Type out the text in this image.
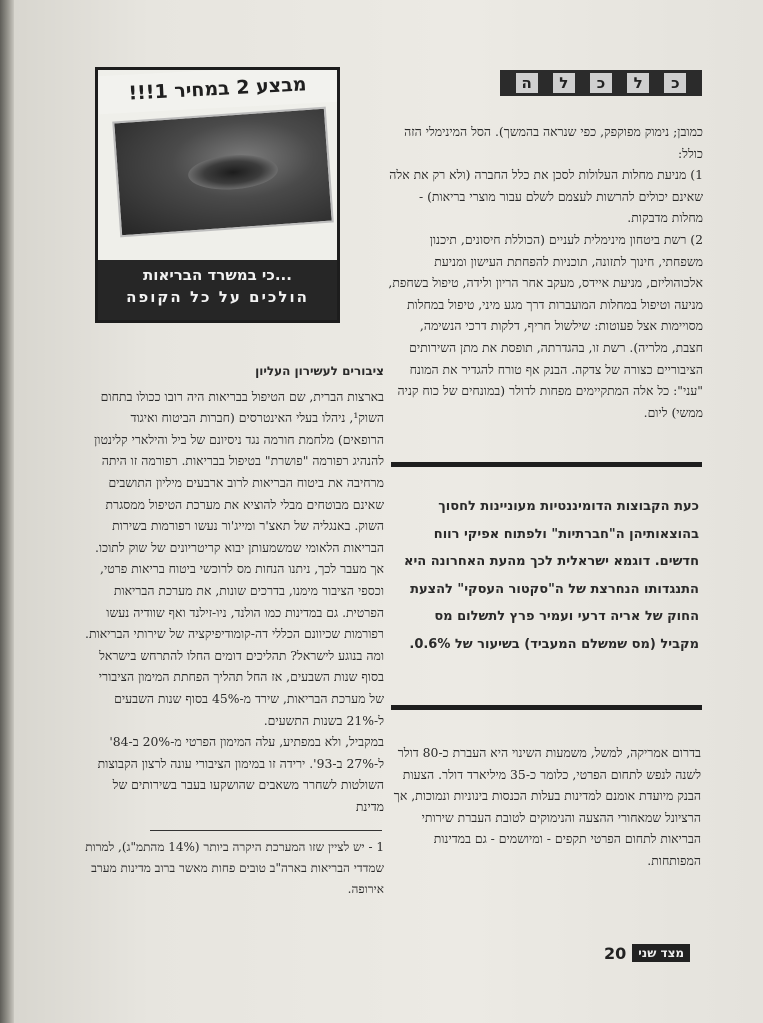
כ
ל
כ
ל
ה
מבצע 2 במחיר 1!!!
...כי במשרד הבריאות
הולכים על כל הקופה

כמובן; נימוק מפוקפק, כפי שנראה בהמשך). הסל המינימלי הזה כולל:

1) מניעת מחלות העלולות לסכן את כלל החברה (ולא רק את אלה שאינם יכולים להרשות לעצמם לשלם עבור מוצרי בריאות) - מחלות מדבקות.

2) רשת ביטחון מינימלית לעניים (הכוללת חיסונים, תיכנון משפחתי, חינוך לתזונה, תוכניות להפחתת העישון ומניעת אלכוהוליזם, מניעת איידס, מעקב אחר הריון ולידה, טיפול בשחפת, מניעה וטיפול במחלות המועברות דרך מגע מיני, טיפול במחלות מסויימות אצל פעוטות: שילשול חריף, דלקות דרכי הנשימה, חצבת, מלריה). רשת זו, בהגדרתה, תופסת את מתן השירותים הציבוריים כצורה של צדקה. הבנק אף טורח להגדיר את המונח "עני": כל אלה המתקיימים מפחות לדולר (במונחים של כוח קניה ממשי) ליום.

כעת הקבוצות הדומיננטיות מעוניינות לחסוך בהוצאותיהן ה"חברתיות" ולפתוח אפיקי רווח חדשים. דוגמא ישראלית לכך מהעת האחרונה היא התנגדותו הנחרצת של ה"סקטור העסקי" להצעת החוק של אריה דרעי ועמיר פרץ לתשלום מס מקביל (מס שמשלם המעביד) בשיעור של 0.6%.

בדרום אמריקה, למשל, משמעות השינוי היא העברת כ-80 דולר לשנה לנפש לתחום הפרטי, כלומר כ-35 מיליארד דולר. הצעות הבנק מיועדת אומנם למדינות בעלות הכנסות בינוניות ונמוכות, אך הרציונל שמאחורי ההצעה והנימוקים לטובת העברת שירותי הבריאות לתחום הפרטי תקפים - ומיושמים - גם במדינות המפותחות.

ציבורים לעשירון העליון

בארצות הברית, שם הטיפול בבריאות היה רובו ככולו בתחום השוק¹, ניהלו בעלי האינטרסים (חברות הביטוח ואיגוד הרופאים) מלחמת חורמה נגד ניסיונם של ביל והילארי קלינטון להנהיג רפורמה "פושרת" בטיפול בבריאות. רפורמה זו היתה מרחיבה את ביטוח הבריאות לרוב ארבעים מיליון התושבים שאינם מבוטחים מבלי להוציא את מערכת הטיפול ממסגרת השוק. באנגליה של תאצ'ר ומייג'ור נעשו רפורמות בשירות הבריאות הלאומי שמשמעותן יבוא קריטריונים של שוק לתוכו. אך מעבר לכך, ניתנו הנחות מס לרוכשי ביטוח בריאות פרטי, וכספי הציבור מימנו, בדרכים שונות, את מערכת הבריאות הפרטית. גם במדינות כמו הולנד, ניו-זילנד ואף שוודיה נעשו רפורמות שכיוונם הכללי דה-קומודיפיקציה של שירותי הבריאות.

ומה בנוגע לישראל? תהליכים דומים החלו להתרחש בישראל בסוף שנות השבעים, אז החל תהליך הפחתת המימון הציבורי של מערכת הבריאות, שירד מ-45% בסוף שנות השבעים ל-21% בשנות התשעים.

במקביל, ולא במפתיע, עלה המימון הפרטי מ-20% ב-84' ל-27% ב-93'. ירידה זו במימון הציבורי עונה לרצון הקבוצות השולטות לשחרר משאבים שהושקעו בעבר בשירותים של מדינת

1 - יש לציין שזו המערכת היקרה ביותר (14% מהתמ"ג), למרות שמדדי הבריאות בארה"ב טובים פחות מאשר ברוב מדינות מערב אירופה.
20	מצד שני
